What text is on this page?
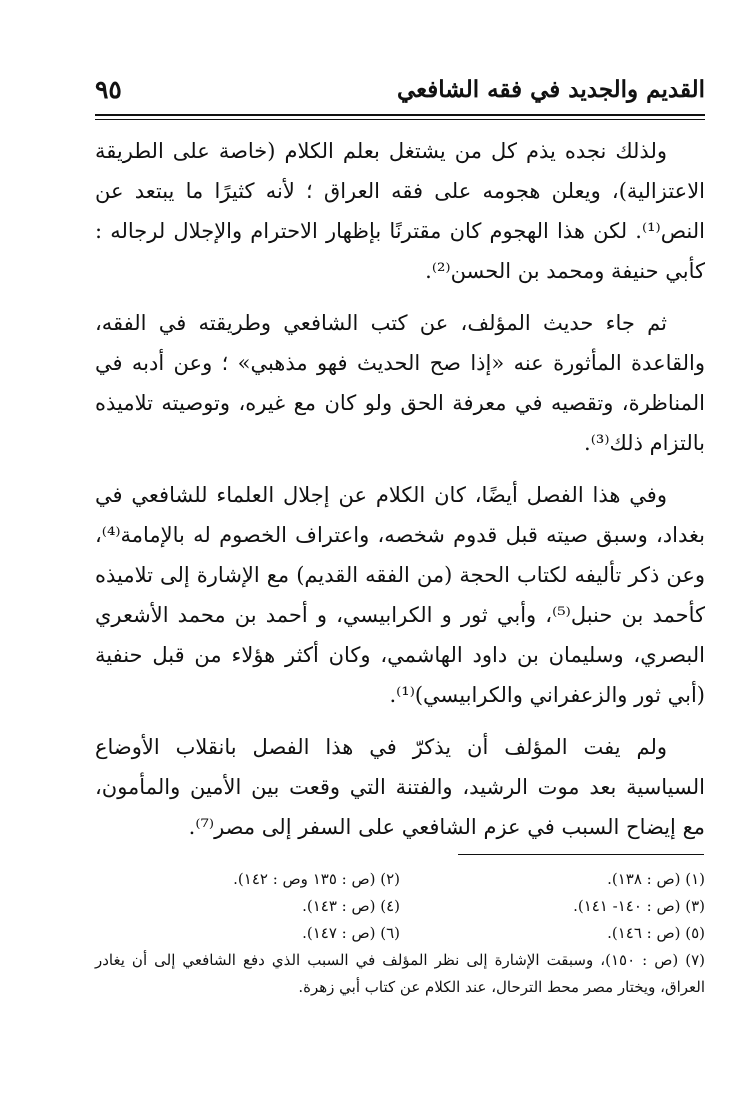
القديم والجديد في فقه الشافعي
٩٥

ولذلك نجده يذم كل من يشتغل بعلم الكلام (خاصة على الطريقة الاعتزالية)، ويعلن هجومه على فقه العراق ؛ لأنه كثيرًا ما يبتعد عن النص⁽¹⁾. لكن هذا الهجوم كان مقترنًا بإظهار الاحترام والإجلال لرجاله : كأبي حنيفة ومحمد بن الحسن⁽²⁾.

ثم جاء حديث المؤلف، عن كتب الشافعي وطريقته في الفقه، والقاعدة المأثورة عنه «إذا صح الحديث فهو مذهبي» ؛ وعن أدبه في المناظرة، وتقصيه في معرفة الحق ولو كان مع غيره، وتوصيته تلاميذه بالتزام ذلك⁽³⁾.

وفي هذا الفصل أيضًا، كان الكلام عن إجلال العلماء للشافعي في بغداد، وسبق صيته قبل قدوم شخصه، واعتراف الخصوم له بالإمامة⁽⁴⁾، وعن ذكر تأليفه لكتاب الحجة (من الفقه القديم) مع الإشارة إلى تلاميذه كأحمد بن حنبل⁽⁵⁾، وأبي ثور و الكرابيسي، و أحمد بن محمد الأشعري البصري، وسليمان بن داود الهاشمي، وكان أكثر هؤلاء من قبل حنفية (أبي ثور والزعفراني والكرابيسي)⁽¹⁾.

ولم يفت المؤلف أن يذكرّ في هذا الفصل بانقلاب الأوضاع السياسية بعد موت الرشيد، والفتنة التي وقعت بين الأمين والمأمون، مع إيضاح السبب في عزم الشافعي على السفر إلى مصر⁽⁷⁾.

(١) (ص : ١٣٨).
(٢) (ص : ١٣٥ وص : ١٤٢).
(٣) (ص : ١٤٠- ١٤١).
(٤) (ص : ١٤٣).
(٥) (ص : ١٤٦).
(٦) (ص : ١٤٧).
(٧) (ص : ١٥٠)، وسبقت الإشارة إلى نظر المؤلف في السبب الذي دفع الشافعي إلى أن يغادر العراق، ويختار مصر محط الترحال، عند الكلام عن كتاب أبي زهرة.
